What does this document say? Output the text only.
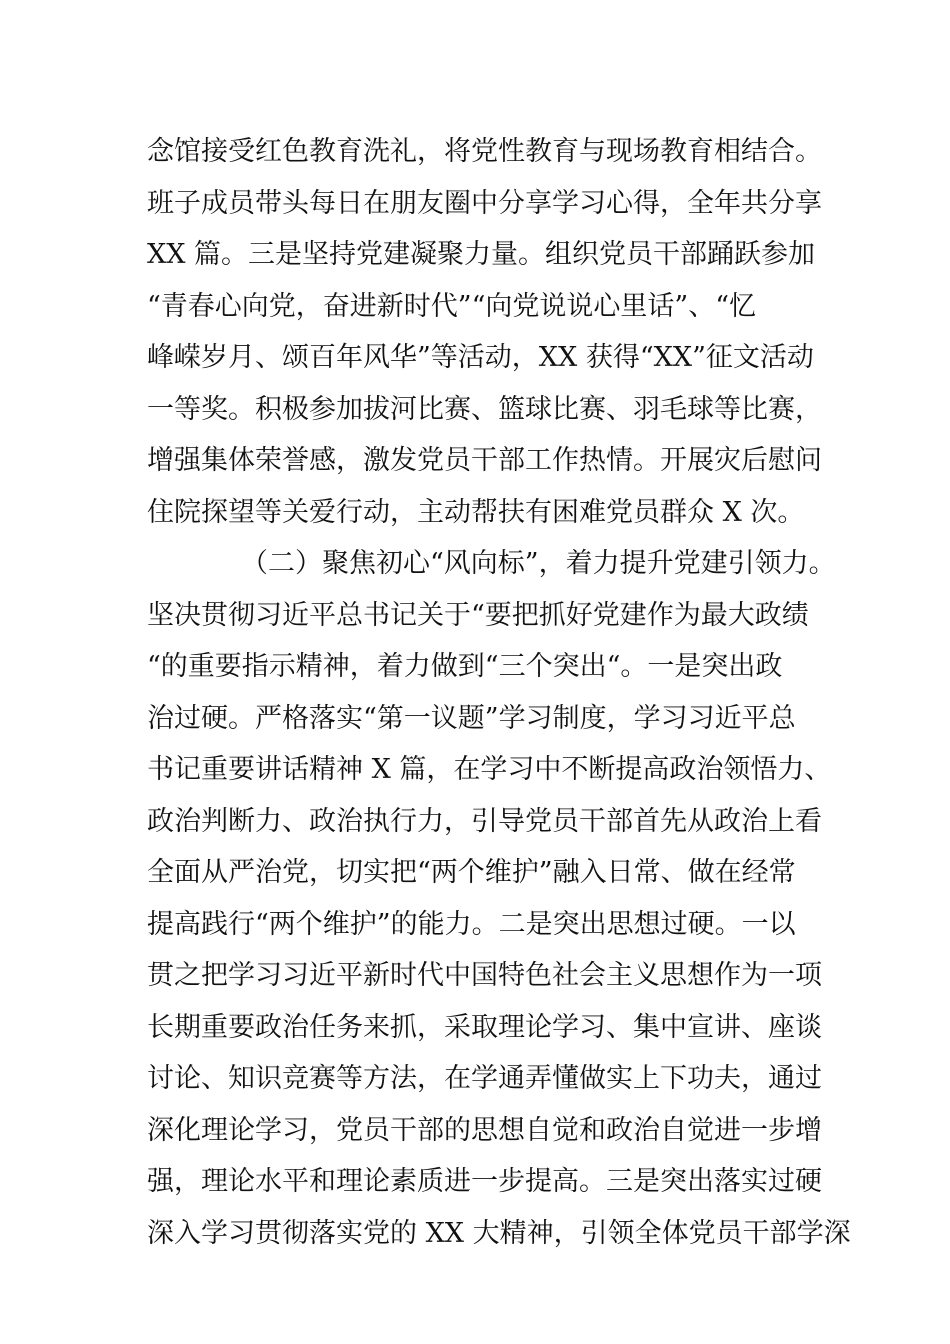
念馆接受红色教育洗礼，将党性教育与现场教育相结合。
班子成员带头每日在朋友圈中分享学习心得，全年共分享
XX 篇。三是坚持党建凝聚力量。组织党员干部踊跃参加
“青春心向党，奋进新时代”“向党说说心里话”、“忆
峰嵘岁月、颂百年风华”等活动，XX 获得“XX”征文活动
一等奖。积极参加拔河比赛、篮球比赛、羽毛球等比赛，
增强集体荣誉感，激发党员干部工作热情。开展灾后慰问
住院探望等关爱行动，主动帮扶有困难党员群众 X 次。
（二）聚焦初心“风向标”，着力提升党建引领力。
坚决贯彻习近平总书记关于“要把抓好党建作为最大政绩
“的重要指示精神，着力做到“三个突出“。一是突出政
治过硬。严格落实“第一议题”学习制度，学习习近平总
书记重要讲话精神 X 篇，在学习中不断提高政治领悟力、
政治判断力、政治执行力，引导党员干部首先从政治上看
全面从严治党，切实把“两个维护”融入日常、做在经常
提高践行“两个维护”的能力。二是突出思想过硬。一以
贯之把学习习近平新时代中国特色社会主义思想作为一项
长期重要政治任务来抓，采取理论学习、集中宣讲、座谈
讨论、知识竞赛等方法，在学通弄懂做实上下功夫，通过
深化理论学习，党员干部的思想自觉和政治自觉进一步增
强，理论水平和理论素质进一步提高。三是突出落实过硬
深入学习贯彻落实党的 XX 大精神，引领全体党员干部学深
